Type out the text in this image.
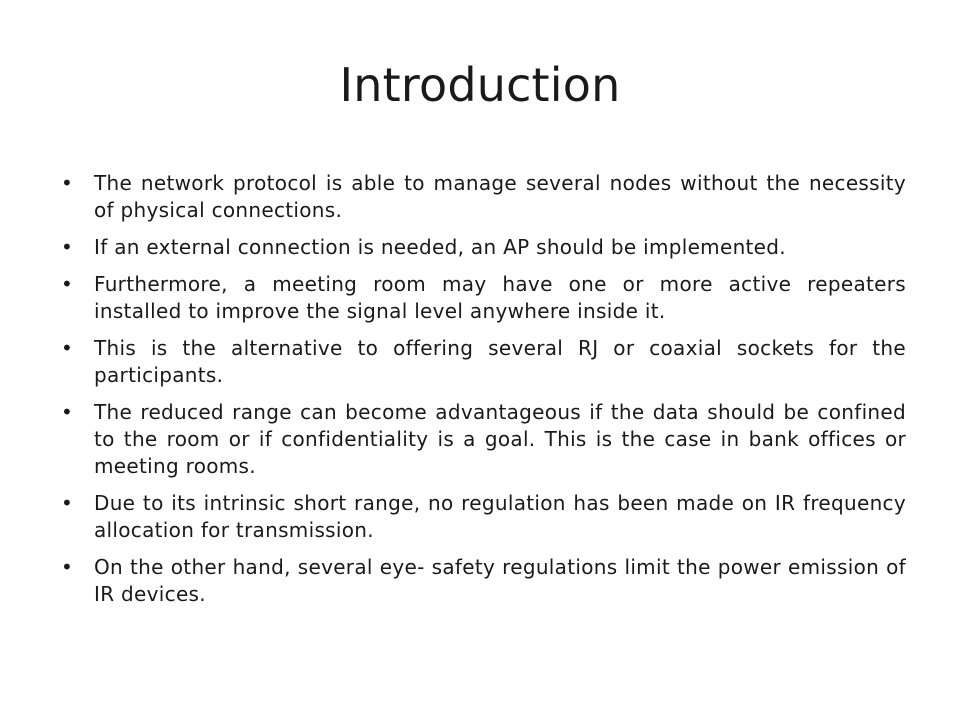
Introduction
• The network protocol is able to manage several nodes without the necessity of physical connections.
• If an external connection is needed, an AP should be implemented.
• Furthermore, a meeting room may have one or more active repeaters installed to improve the signal level anywhere inside it.
• This is the alternative to offering several RJ or coaxial sockets for the participants.
• The reduced range can become advantageous if the data should be confined to the room or if confidentiality is a goal. This is the case in bank offices or meeting rooms.
• Due to its intrinsic short range, no regulation has been made on IR frequency allocation for transmission.
• On the other hand, several eye- safety regulations limit the power emission of IR devices.
